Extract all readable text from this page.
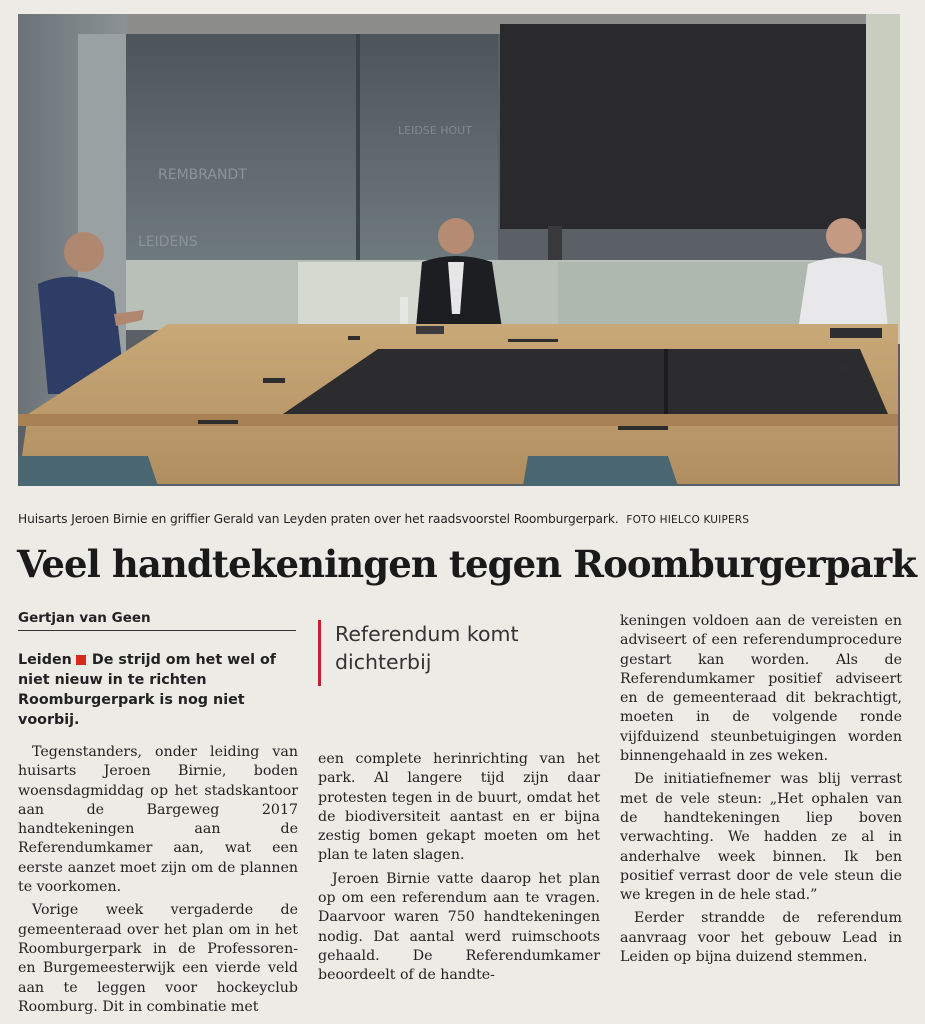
REMBRANDT
LEIDSE HOUT
LEIDENS
Huisarts Jeroen Birnie en griffier Gerald van Leyden praten over het raadsvoorstel Roomburgerpark. FOTO HIELCO KUIPERS
Veel handtekeningen tegen Roomburgerpark
Gertjan van Geen

Leiden De strijd om het wel of niet nieuw in te richten Roomburgerpark is nog niet voorbij.

Tegenstanders, onder leiding van huisarts Jeroen Birnie, boden woensdagmiddag op het stadskantoor aan de Bargeweg 2017 handtekeningen aan de Referendumkamer aan, wat een eerste aanzet moet zijn om de plannen te voorkomen.

Vorige week vergaderde de gemeenteraad over het plan om in het Roomburgerpark in de Professoren- en Burgemeesterwijk een vierde veld aan te leggen voor hockeyclub Roomburg. Dit in combinatie met

Referendum komt dichterbij

een complete herinrichting van het park. Al langere tijd zijn daar protesten tegen in de buurt, omdat het de biodiversiteit aantast en er bijna zestig bomen gekapt moeten om het plan te laten slagen.

Jeroen Birnie vatte daarop het plan op om een referendum aan te vragen. Daarvoor waren 750 handtekeningen nodig. Dat aantal werd ruimschoots gehaald. De Referendumkamer beoordeelt of de handte-

keningen voldoen aan de vereisten en adviseert of een referendumprocedure gestart kan worden. Als de Referendumkamer positief adviseert en de gemeenteraad dit bekrachtigt, moeten in de volgende ronde vijfduizend steunbetuigingen worden binnengehaald in zes weken.

De initiatiefnemer was blij verrast met de vele steun: „Het ophalen van de handtekeningen liep boven verwachting. We hadden ze al in anderhalve week binnen. Ik ben positief verrast door de vele steun die we kregen in de hele stad.”

Eerder strandde de referendum aanvraag voor het gebouw Lead in Leiden op bijna duizend stemmen.
